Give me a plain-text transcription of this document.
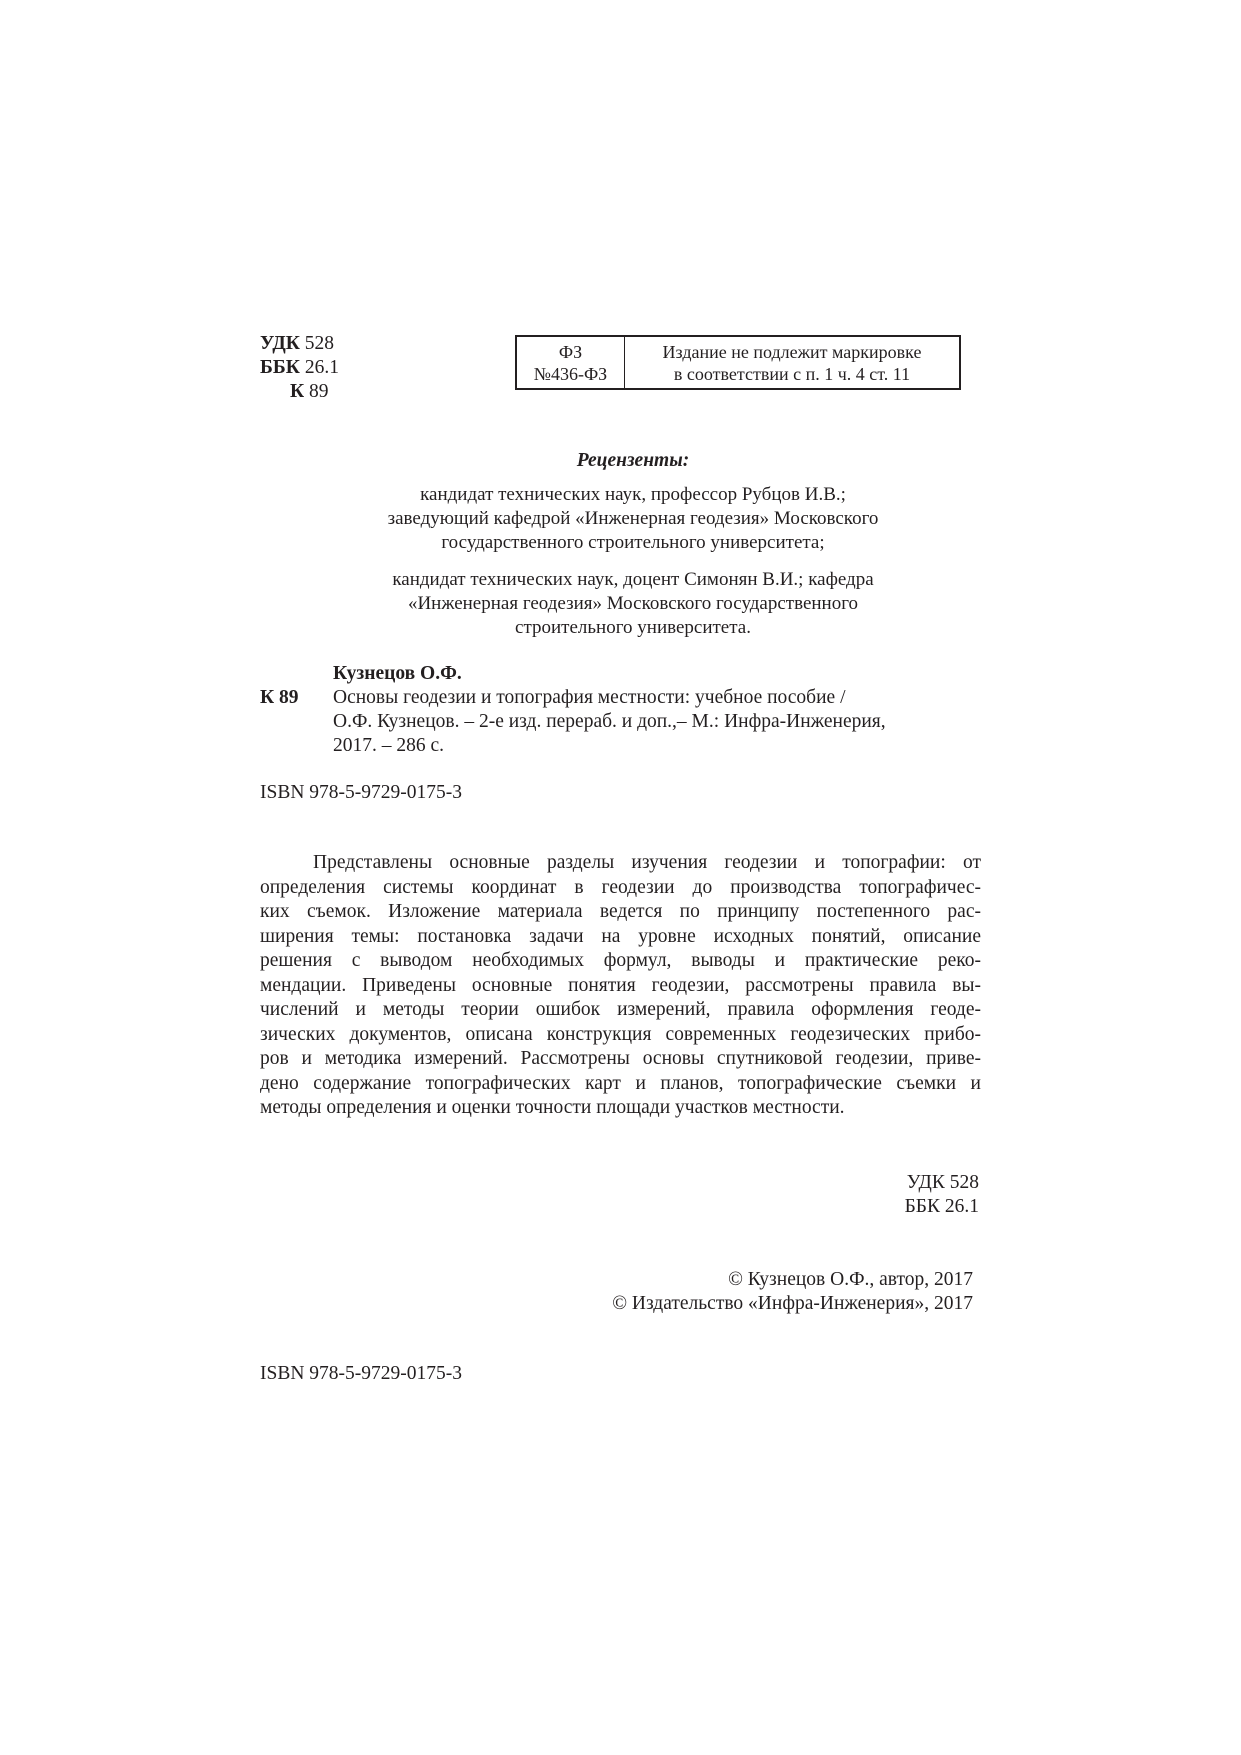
УДК 528
ББК 26.1
К 89
ФЗ
№436-ФЗ
Издание не подлежит маркировке
в соответствии с п. 1 ч. 4 ст. 11
Рецензенты:
кандидат технических наук, профессор Рубцов И.В.;
заведующий кафедрой «Инженерная геодезия» Московского
государственного строительного университета;
кандидат технических наук, доцент Симонян В.И.; кафедра
«Инженерная геодезия» Московского государственного
строительного университета.
Кузнецов О.Ф.
К 89 Основы геодезии и топография местности: учебное пособие /
О.Ф. Кузнецов. – 2-е изд. перераб. и доп.,– М.: Инфра-Инженерия,
2017. – 286 с.
ISBN 978-5-9729-0175-3
Представлены основные разделы изучения геодезии и топографии: от
определения системы координат в геодезии до производства топографичес-
ких съемок. Изложение материала ведется по принципу постепенного рас-
ширения темы: постановка задачи на уровне исходных понятий, описание
решения с выводом необходимых формул, выводы и практические реко-
мендации. Приведены основные понятия геодезии, рассмотрены правила вы-
числений и методы теории ошибок измерений, правила оформления геоде-
зических документов, описана конструкция современных геодезических прибо-
ров и методика измерений. Рассмотрены основы спутниковой геодезии, приве-
дено содержание топографических карт и планов, топографические съемки и
методы определения и оценки точности площади участков местности.
УДК 528
ББК 26.1
© Кузнецов О.Ф., автор, 2017
© Издательство «Инфра-Инженерия», 2017
ISBN 978-5-9729-0175-3
